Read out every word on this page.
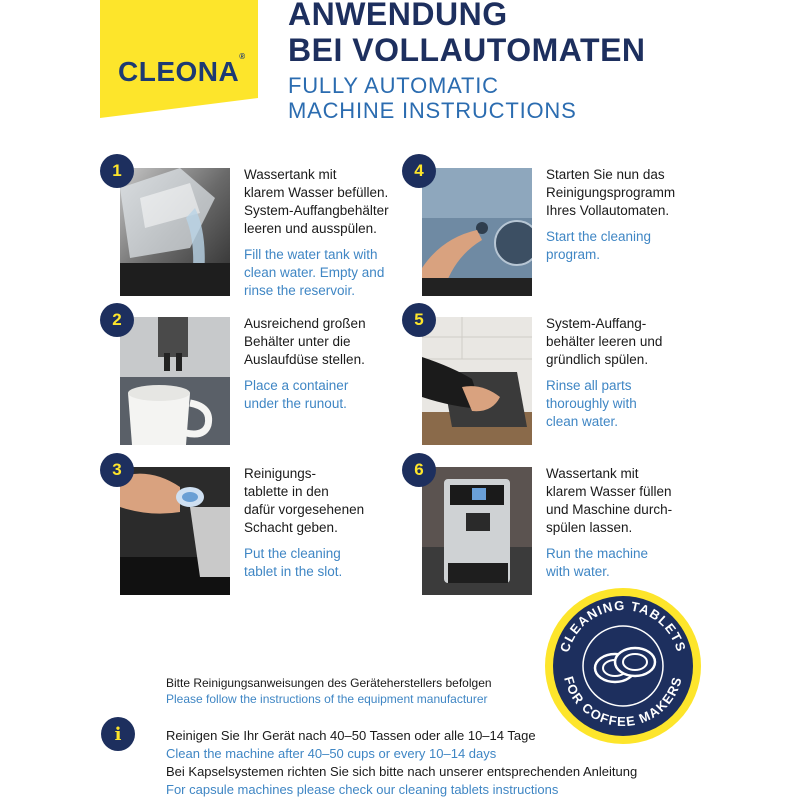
CLEONA®
ANWENDUNG
BEI VOLLAUTOMATEN
FULLY AUTOMATIC
MACHINE INSTRUCTIONS
1	Wassertank mit
klarem Wasser befüllen.
System-Auffangbehälter
leeren und ausspülen.
Fill the water tank with
clean water. Empty and
rinse the reservoir.
2	Ausreichend großen
Behälter unter die
Auslaufdüse stellen.
Place a container
under the runout.
3	Reinigungs-
tablette in den
dafür vorgesehenen
Schacht geben.
Put the cleaning
tablet in the slot.
4	Starten Sie nun das
Reinigungsprogramm
Ihres Vollautomaten.
Start the cleaning
program.
5	System-Auffang-
behälter leeren und
gründlich spülen.
Rinse all parts
thoroughly with
clean water.
6	Wassertank mit
klarem Wasser füllen
und Maschine durch-
spülen lassen.
Run the machine
with water.
CLEANING TABLETS
FOR COFFEE MAKERS
Bitte Reinigungsanweisungen des Geräteherstellers befolgen
Please follow the instructions of the equipment manufacturer
i	Reinigen Sie Ihr Gerät nach 40–50 Tassen oder alle 10–14 Tage
Clean the machine after 40–50 cups or every 10–14 days
Bei Kapselsystemen richten Sie sich bitte nach unserer entsprechenden Anleitung
For capsule machines please check our cleaning tablets instructions
